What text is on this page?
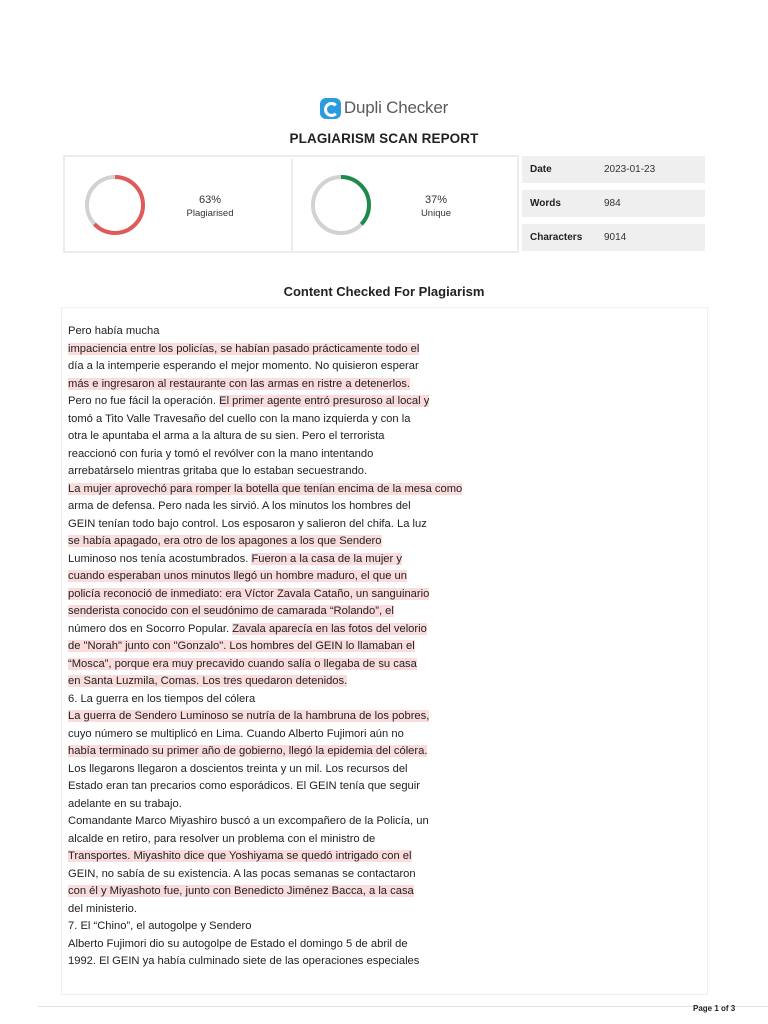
Dupli Checker
PLAGIARISM SCAN REPORT
63%
Plagiarised
37%
Unique
Date	2023-01-23
Words	984
Characters	9014
Content Checked For Plagiarism
Pero había mucha
impaciencia entre los policías, se habían pasado prácticamente todo el
día a la intemperie esperando el mejor momento. No quisieron esperar
más e ingresaron al restaurante con las armas en ristre a detenerlos.
Pero no fue fácil la operación. El primer agente entró presuroso al local y
tomó a Tito Valle Travesaño del cuello con la mano izquierda y con la
otra le apuntaba el arma a la altura de su sien. Pero el terrorista
reaccionó con furia y tomó el revólver con la mano intentando
arrebatárselo mientras gritaba que lo estaban secuestrando.
La mujer aprovechó para romper la botella que tenían encima de la mesa como
arma de defensa. Pero nada les sirvió. A los minutos los hombres del
GEIN tenían todo bajo control. Los esposaron y salieron del chifa. La luz
se había apagado, era otro de los apagones a los que Sendero
Luminoso nos tenía acostumbrados. Fueron a la casa de la mujer y
cuando esperaban unos minutos llegó un hombre maduro, el que un
policía reconoció de inmediato: era Víctor Zavala Cataño, un sanguinario
senderista conocido con el seudónimo de camarada “Rolando”, el
número dos en Socorro Popular. Zavala aparecía en las fotos del velorio
de "Norah" junto con "Gonzalo". Los hombres del GEIN lo llamaban el
“Mosca”, porque era muy precavido cuando salía o llegaba de su casa
en Santa Luzmila, Comas. Los tres quedaron detenidos.
6. La guerra en los tiempos del cólera
La guerra de Sendero Luminoso se nutría de la hambruna de los pobres,
cuyo número se multiplicó en Lima. Cuando Alberto Fujimori aún no
había terminado su primer año de gobierno, llegó la epidemia del cólera.
Los llegarons llegaron a doscientos treinta y un mil. Los recursos del
Estado eran tan precarios como esporádicos. El GEIN tenía que seguir
adelante en su trabajo.
Comandante Marco Miyashiro buscó a un excompañero de la Policía, un
alcalde en retiro, para resolver un problema con el ministro de
Transportes. Miyashito dice que Yoshiyama se quedó intrigado con el
GEIN, no sabía de su existencia. A las pocas semanas se contactaron
con él y Miyashoto fue, junto con Benedicto Jiménez Bacca, a la casa
del ministerio.
7. El “Chino”, el autogolpe y Sendero
Alberto Fujimori dio su autogolpe de Estado el domingo 5 de abril de
1992. El GEIN ya había culminado siete de las operaciones especiales
Page 1 of 3
